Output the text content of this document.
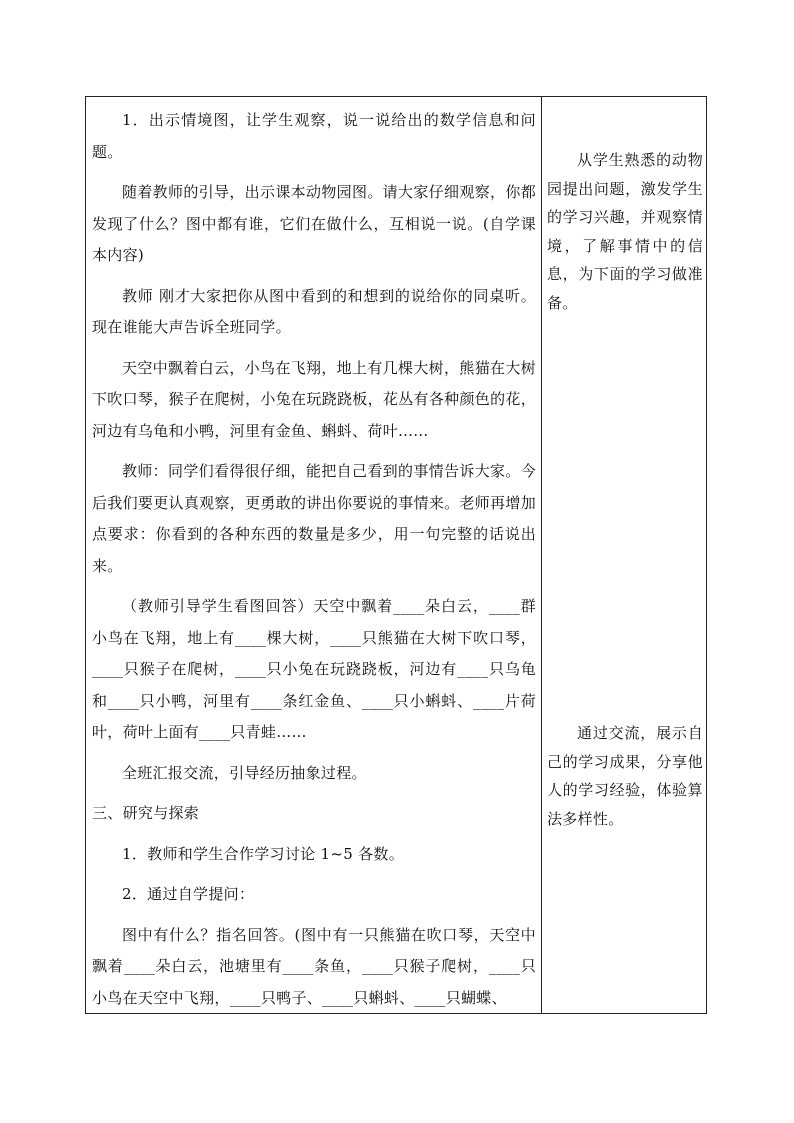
1．出示情境图，让学生观察，说一说给出的数学信息和问题。

随着教师的引导，出示课本动物园图。请大家仔细观察，你都发现了什么？图中都有谁，它们在做什么，互相说一说。(自学课本内容)

教师 刚才大家把你从图中看到的和想到的说给你的同桌听。现在谁能大声告诉全班同学。

天空中飘着白云，小鸟在飞翔，地上有几棵大树，熊猫在大树下吹口琴，猴子在爬树，小兔在玩跷跷板，花丛有各种颜色的花，河边有乌龟和小鸭，河里有金鱼、蝌蚪、荷叶……

教师：同学们看得很仔细，能把自己看到的事情告诉大家。今后我们要更认真观察，更勇敢的讲出你要说的事情来。老师再增加点要求：你看到的各种东西的数量是多少，用一句完整的话说出来。

（教师引导学生看图回答）天空中飘着____朵白云，____群小鸟在飞翔，地上有____棵大树，____只熊猫在大树下吹口琴，____只猴子在爬树，____只小兔在玩跷跷板，河边有____只乌龟和____只小鸭，河里有____条红金鱼、____只小蝌蚪、____片荷叶，荷叶上面有____只青蛙……

全班汇报交流，引导经历抽象过程。

三、研究与探索

1．教师和学生合作学习讨论 1~5 各数。

2．通过自学提问：

图中有什么？指名回答。(图中有一只熊猫在吹口琴，天空中飘着____朵白云，池塘里有____条鱼，____只猴子爬树，____只小鸟在天空中飞翔，____只鸭子、____只蝌蚪、____只蝴蝶、

从学生熟悉的动物园提出问题，激发学生的学习兴趣，并观察情境，了解事情中的信息，为下面的学习做准备。

通过交流，展示自己的学习成果，分享他人的学习经验，体验算法多样性。
